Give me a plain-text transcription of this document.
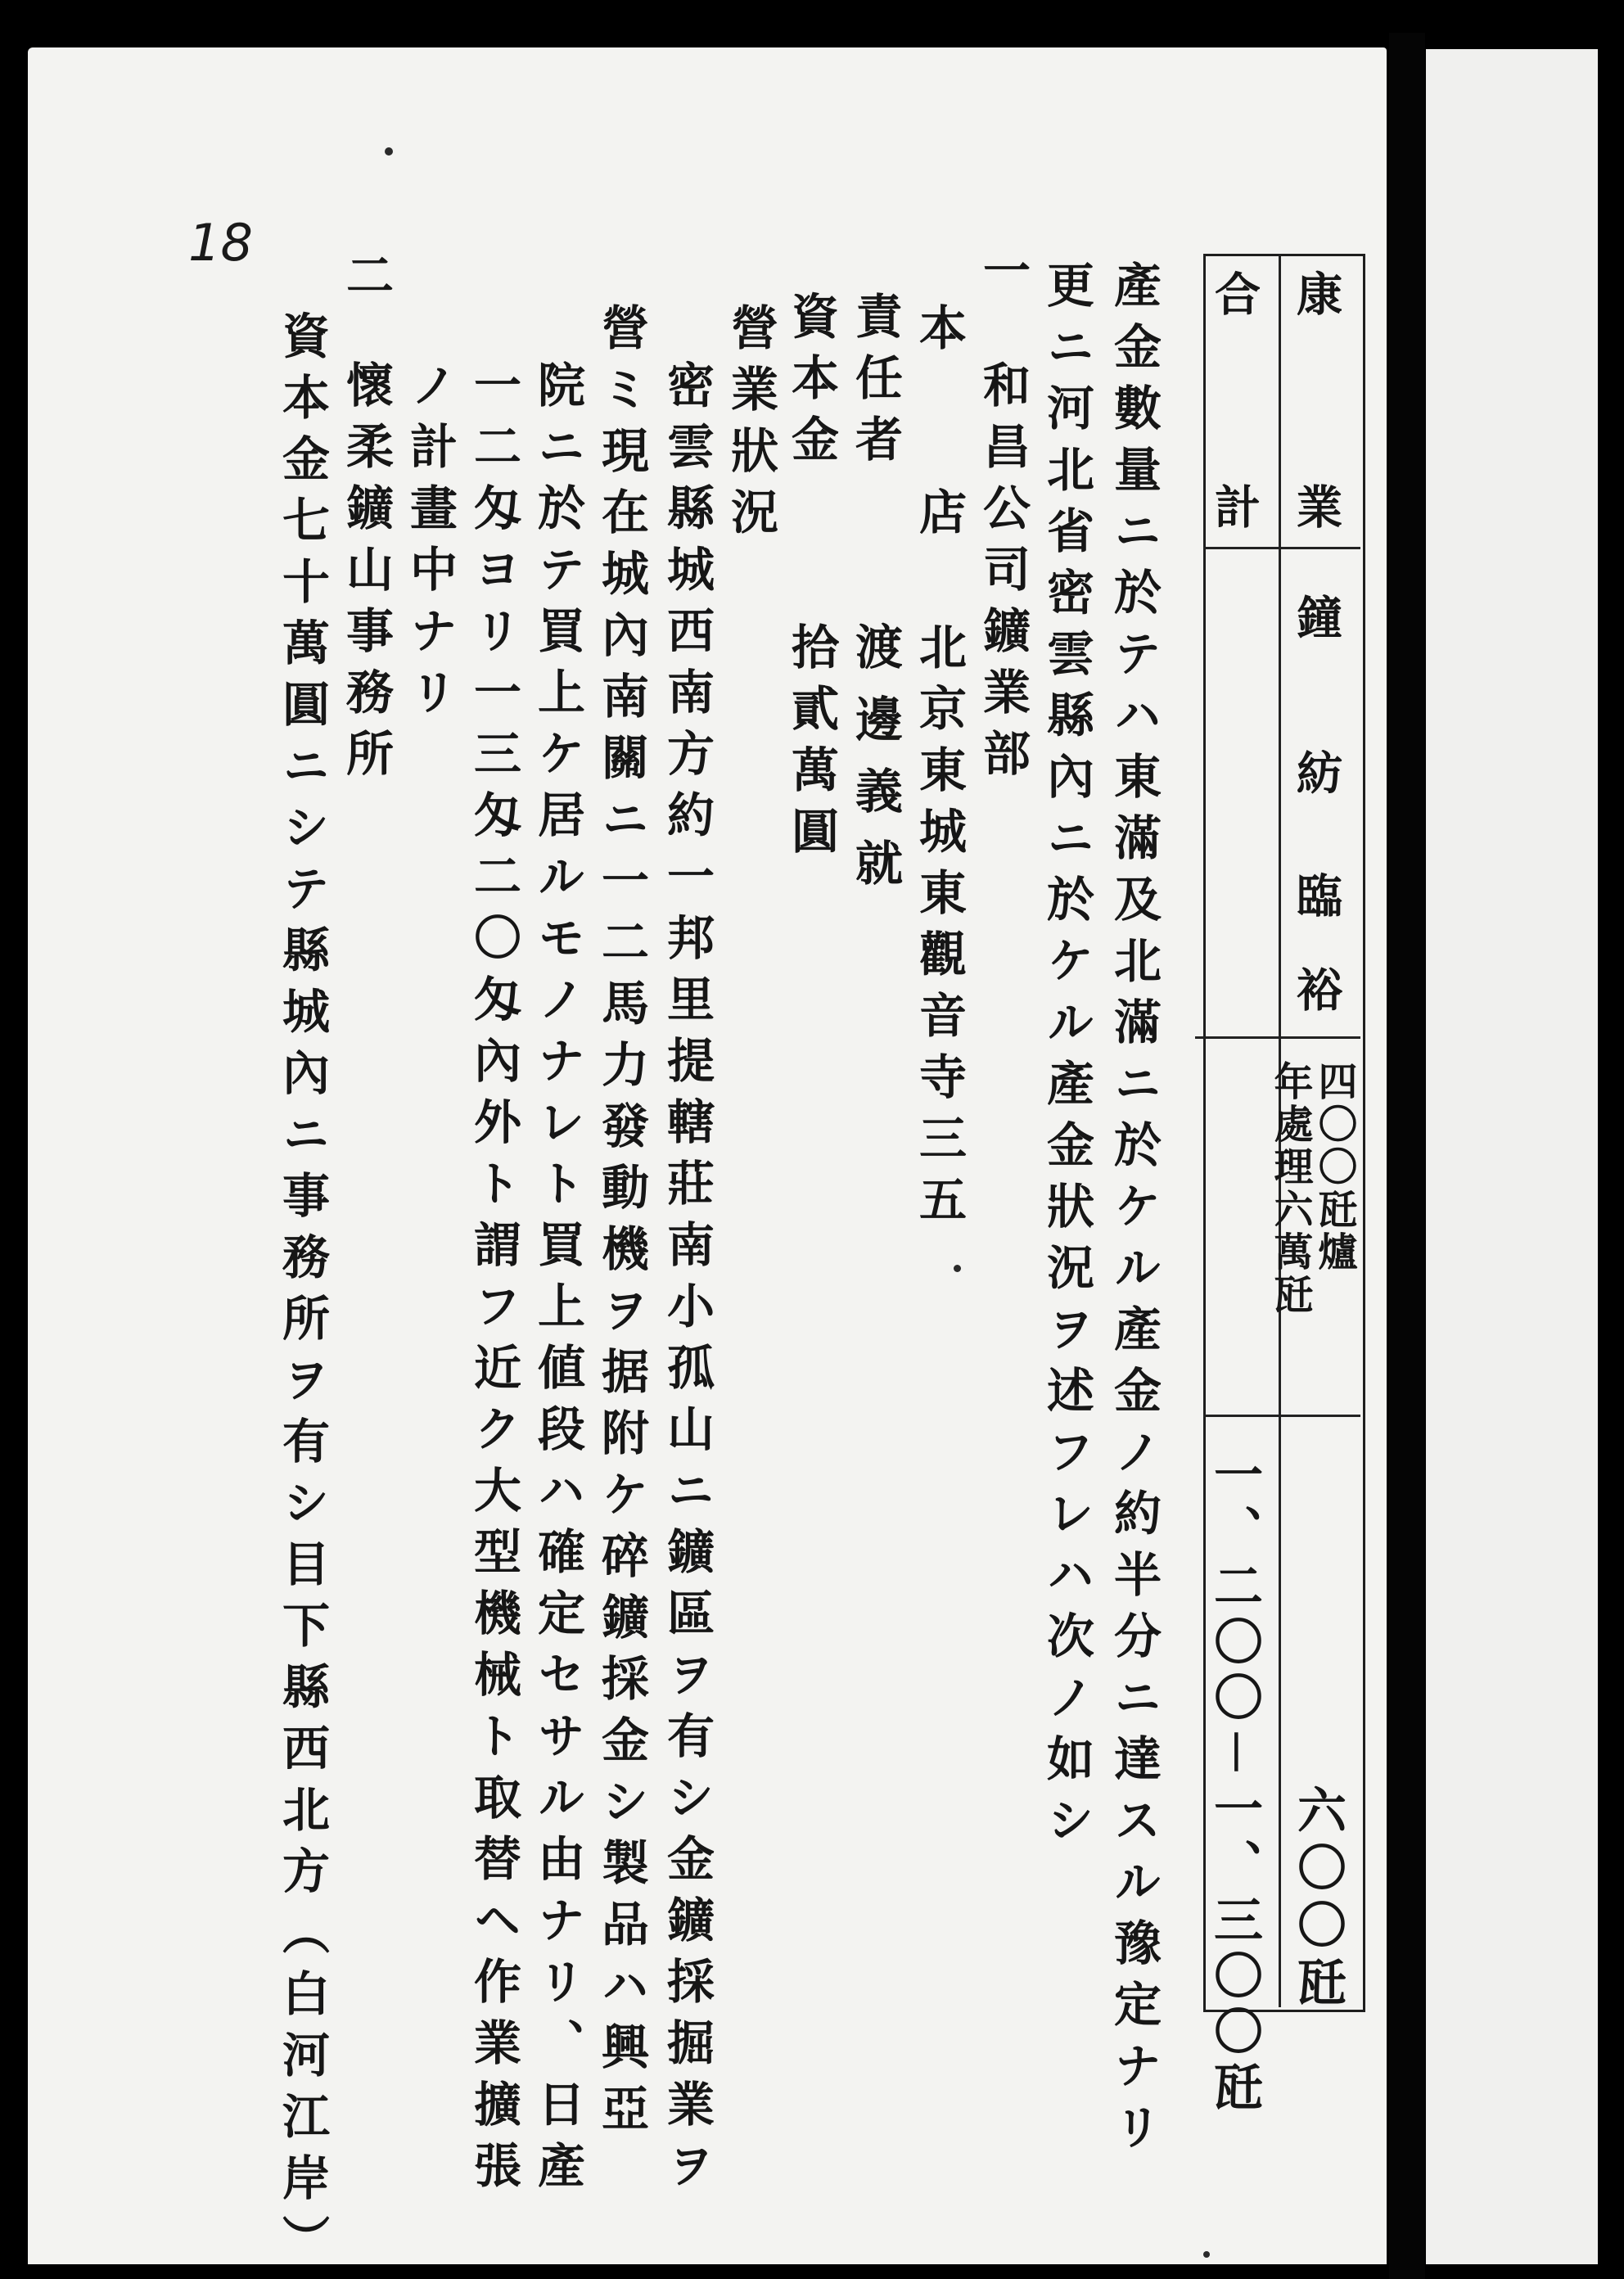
18
康
業
鐘
紡
臨
裕
四〇〇瓩爐
年處理六萬瓩
六〇〇瓩
合
計
一、二〇〇－一、三〇〇瓩
產金數量ニ於テハ東滿及北滿ニ於ケル產金ノ約半分ニ達スル豫定ナリ
更ニ河北省密雲縣內ニ於ケル產金狀況ヲ述フレハ次ノ如シ
一
和昌公司鑛業部
本　　店
北京東城東觀音寺三五
責任者
渡邊義就
資本金
拾貳萬圓
營業狀況
密雲縣城西南方約一邦里提轄莊南小孤山ニ鑛區ヲ有シ金鑛採掘業ヲ
營ミ現在城內南關ニ一二馬力發動機ヲ据附ケ碎鑛採金シ製品ハ興亞
院ニ於テ買上ケ居ルモノナレト買上値段ハ確定セサル由ナリ、日產
一二匁ヨリ一三匁二〇匁內外ト謂フ近ク大型機械ト取替ヘ作業擴張
ノ計畫中ナリ
二
懷柔鑛山事務所
資本金七十萬圓ニシテ縣城內ニ事務所ヲ有シ目下縣西北方（白河江岸）
